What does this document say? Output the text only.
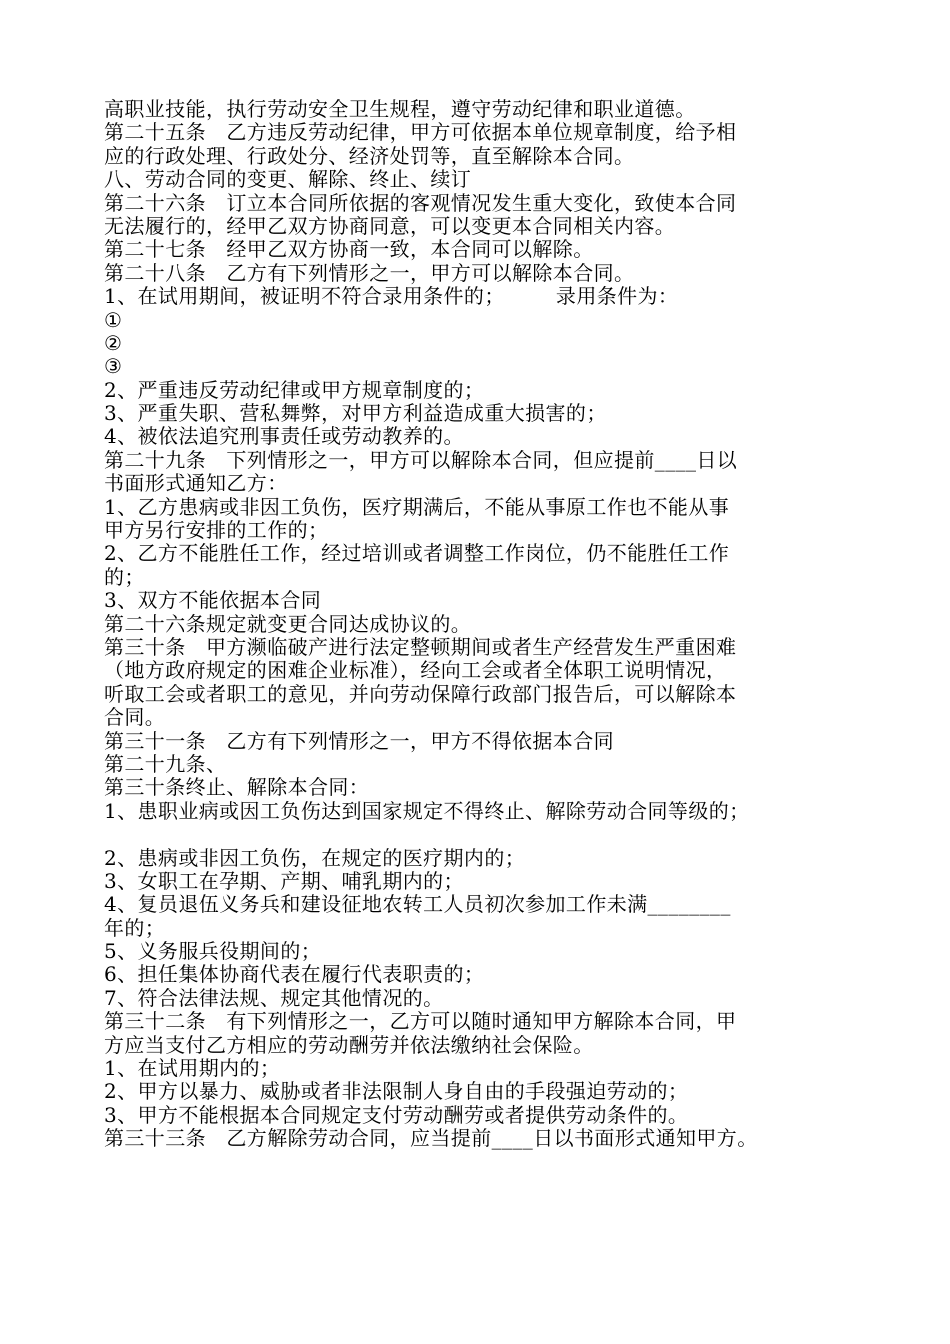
高职业技能，执行劳动安全卫生规程，遵守劳动纪律和职业道德。
第二十五条　乙方违反劳动纪律，甲方可依据本单位规章制度，给予相
应的行政处理、行政处分、经济处罚等，直至解除本合同。
八、劳动合同的变更、解除、终止、续订
第二十六条　订立本合同所依据的客观情况发生重大变化，致使本合同
无法履行的，经甲乙双方协商同意，可以变更本合同相关内容。
第二十七条　经甲乙双方协商一致，本合同可以解除。
第二十八条　乙方有下列情形之一，甲方可以解除本合同。
1、在试用期间，被证明不符合录用条件的；　　　录用条件为：
①
②
③
2、严重违反劳动纪律或甲方规章制度的；
3、严重失职、营私舞弊，对甲方利益造成重大损害的；
4、被依法追究刑事责任或劳动教养的。
第二十九条　下列情形之一，甲方可以解除本合同，但应提前____日以
书面形式通知乙方：
1、乙方患病或非因工负伤，医疗期满后，不能从事原工作也不能从事
甲方另行安排的工作的；
2、乙方不能胜任工作，经过培训或者调整工作岗位，仍不能胜任工作
的；
3、双方不能依据本合同
第二十六条规定就变更合同达成协议的。
第三十条　甲方濒临破产进行法定整顿期间或者生产经营发生严重困难
（地方政府规定的困难企业标准），经向工会或者全体职工说明情况，
听取工会或者职工的意见，并向劳动保障行政部门报告后，可以解除本
合同。
第三十一条　乙方有下列情形之一，甲方不得依据本合同
第二十九条、
第三十条终止、解除本合同：
1、患职业病或因工负伤达到国家规定不得终止、解除劳动合同等级的；
2、患病或非因工负伤，在规定的医疗期内的；
3、女职工在孕期、产期、哺乳期内的；
4、复员退伍义务兵和建设征地农转工人员初次参加工作未满________
年的；
5、义务服兵役期间的；
6、担任集体协商代表在履行代表职责的；
7、符合法律法规、规定其他情况的。
第三十二条　有下列情形之一，乙方可以随时通知甲方解除本合同，甲
方应当支付乙方相应的劳动酬劳并依法缴纳社会保险。
1、在试用期内的；
2、甲方以暴力、威胁或者非法限制人身自由的手段强迫劳动的；
3、甲方不能根据本合同规定支付劳动酬劳或者提供劳动条件的。
第三十三条　乙方解除劳动合同，应当提前____日以书面形式通知甲方。
